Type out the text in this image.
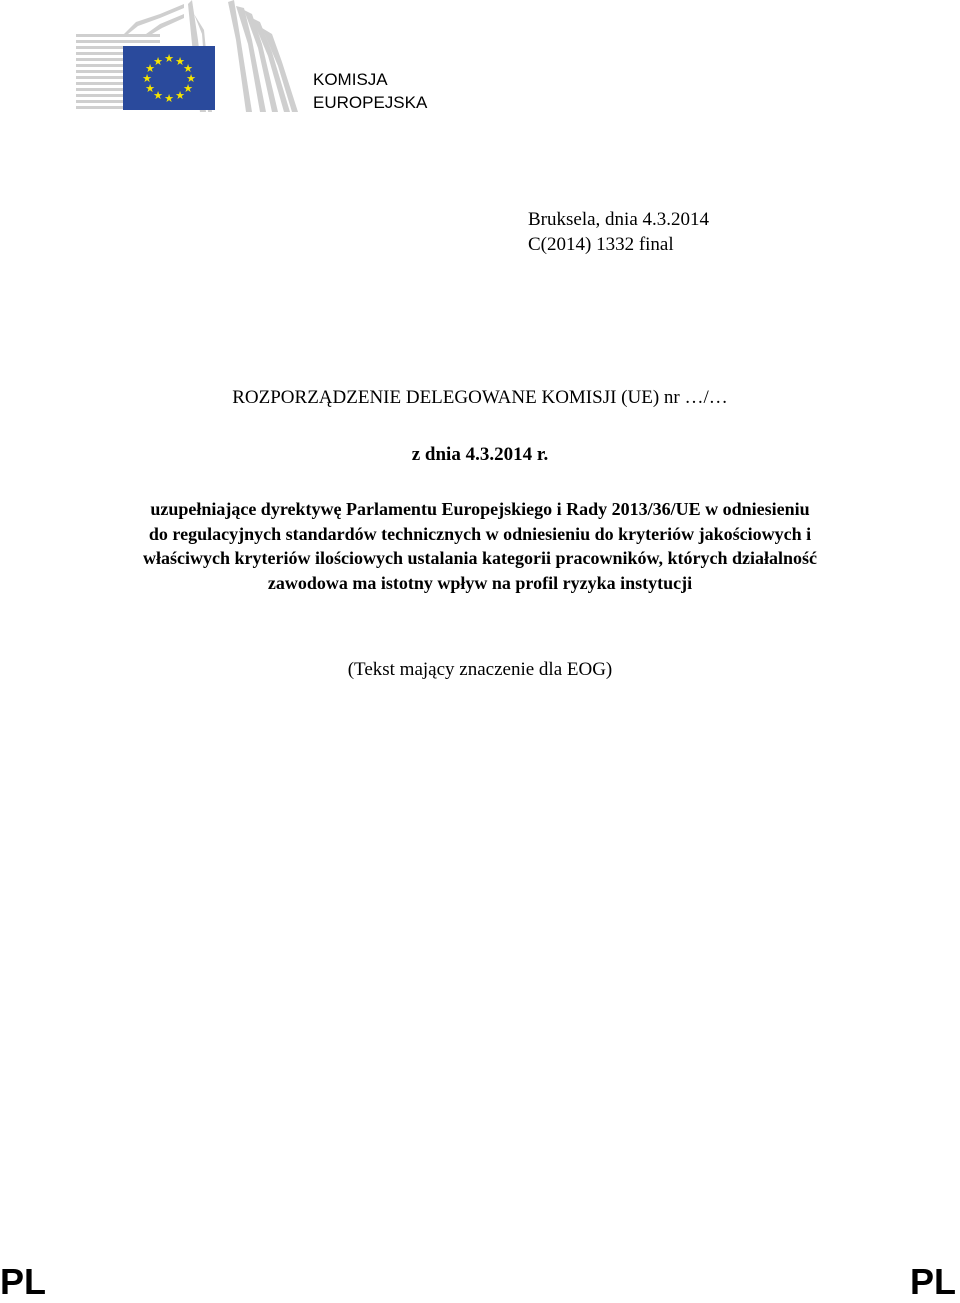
★ ★
★
★
★
★
★
★
★
★
★
★
KOMISJA
EUROPEJSKA
Bruksela, dnia 4.3.2014
C(2014) 1332 final
ROZPORZĄDZENIE DELEGOWANE KOMISJI (UE) nr …/…
z dnia 4.3.2014 r.
uzupełniające dyrektywę Parlamentu Europejskiego i Rady 2013/36/UE w odniesieniu
do regulacyjnych standardów technicznych w odniesieniu do kryteriów jakościowych i
właściwych kryteriów ilościowych ustalania kategorii pracowników, których działalność
zawodowa ma istotny wpływ na profil ryzyka instytucji
(Tekst mający znaczenie dla EOG)
PL	PL
